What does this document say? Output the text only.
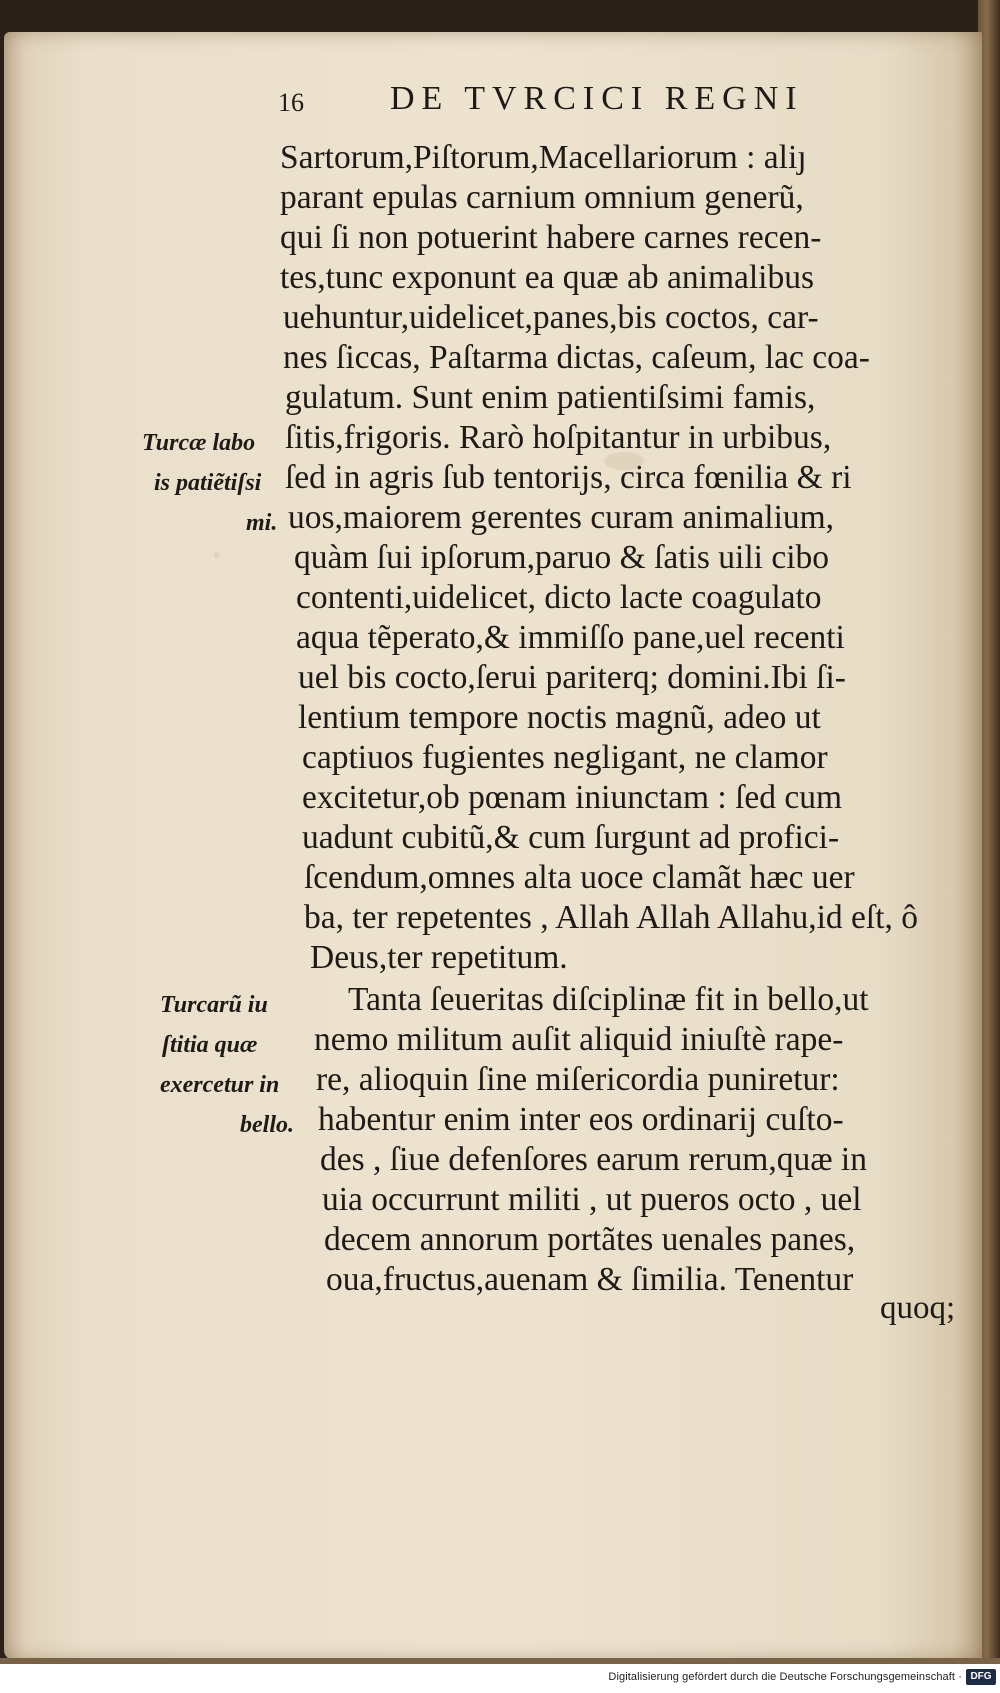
16	DE TVRCICI REGNI
Sartorum,Piſtorum,Macellariorum : aliȷ
parant epulas carnium omnium generũ,
qui ſi non potuerint habere carnes recen-
tes,tunc exponunt ea quæ ab animalibus
uehuntur,uidelicet,panes,bis coctos, car-
nes ſiccas, Paſtarma dictas, caſeum, lac coa-
gulatum. Sunt enim patientiſsimi famis,
ſitis,frigoris. Rarò hoſpitantur in urbibus,
ſed in agris ſub tentorijs, circa fœnilia & ri
uos,maiorem gerentes curam animalium,
quàm ſui ipſorum,paruo & ſatis uili cibo
contenti,uidelicet, dicto lacte coagulato
aqua tẽperato,& immiſſo pane,uel recenti
uel bis cocto,ſerui pariterq; domini.Ibi ſi-
lentium tempore noctis magnũ, adeo ut
captiuos fugientes negligant, ne clamor
excitetur,ob pœnam iniunctam : ſed cum
uadunt cubitũ,& cum ſurgunt ad profici-
ſcendum,omnes alta uoce clamãt hæc uer
ba, ter repetentes , Allah Allah Allahu,id eſt, ô
Deus,ter repetitum.
Tanta ſeueritas diſciplinæ fit in bello,ut
nemo militum auſit aliquid iniuſtè rape-
re, alioquin ſine miſericordia puniretur:
habentur enim inter eos ordinarij cuſto-
des , ſiue defenſores earum rerum,quæ in
uia occurrunt militi , ut pueros octo , uel
decem annorum portãtes uenales panes,
oua,fructus,auenam & ſimilia. Tenentur
Turcæ labo
is patiẽtiſsi
mi.
Turcarũ iu
ſtitia quæ
exercetur in
bello.
quoq;
Digitalisierung gefördert durch die Deutsche Forschungsgemeinschaft · DFG
